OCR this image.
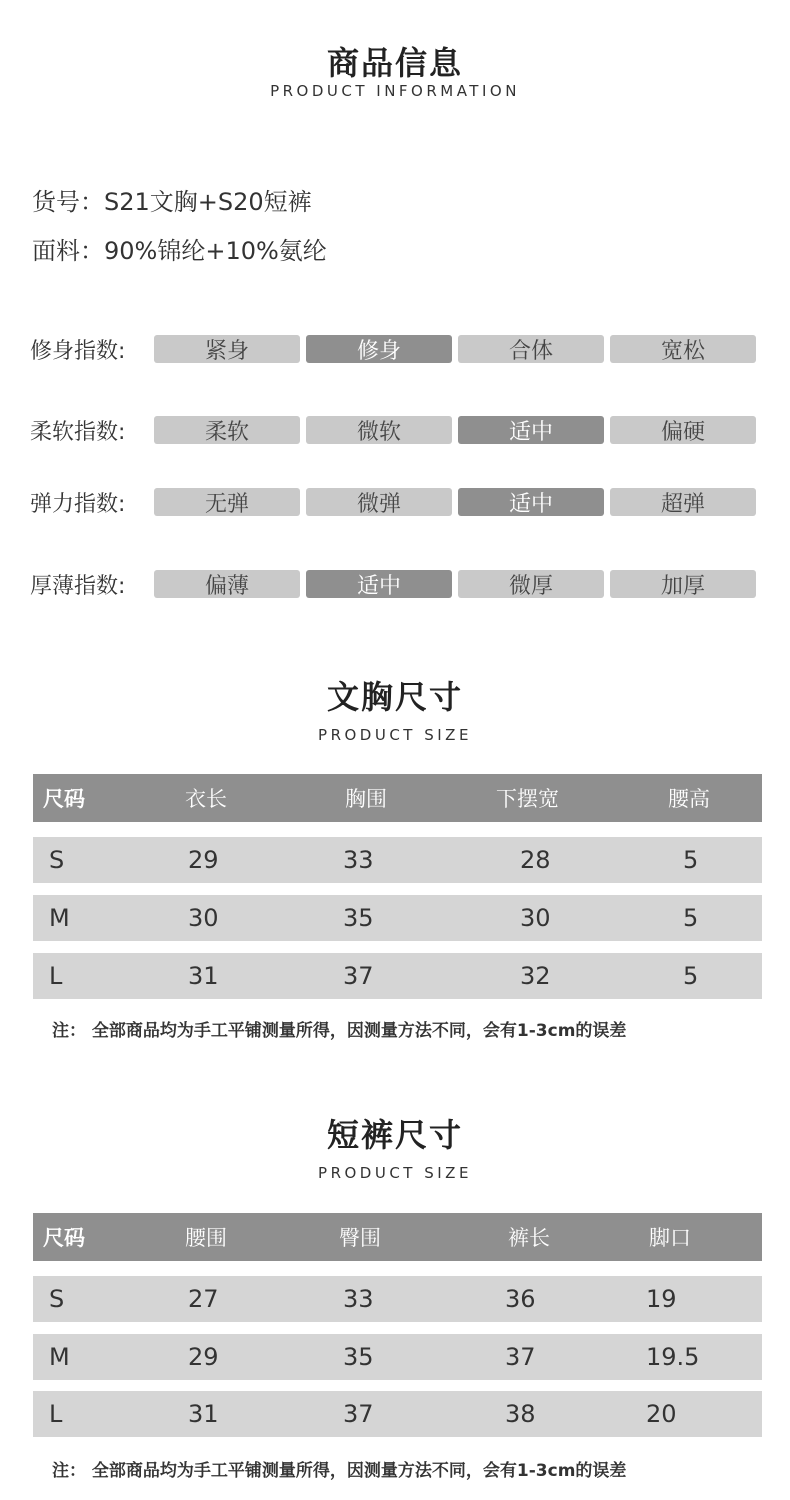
商品信息
PRODUCT INFORMATION
货号：S21文胸+S20短裤
面料：90%锦纶+10%氨纶
修身指数:	紧身	修身	合体	宽松
柔软指数:	柔软	微软	适中	偏硬
弹力指数:	无弹	微弹	适中	超弹
厚薄指数:	偏薄	适中	微厚	加厚
文胸尺寸
PRODUCT SIZE
尺码	衣长	胸围	下摆宽	腰高
S	29	33	28	5
M	30	35	30	5
L	31	37	32	5
注： 全部商品均为手工平铺测量所得，因测量方法不同，会有1-3cm的误差
短裤尺寸
PRODUCT SIZE
尺码	腰围	臀围	裤长	脚口
S	27	33	36	19
M	29	35	37	19.5
L	31	37	38	20
注： 全部商品均为手工平铺测量所得，因测量方法不同，会有1-3cm的误差
